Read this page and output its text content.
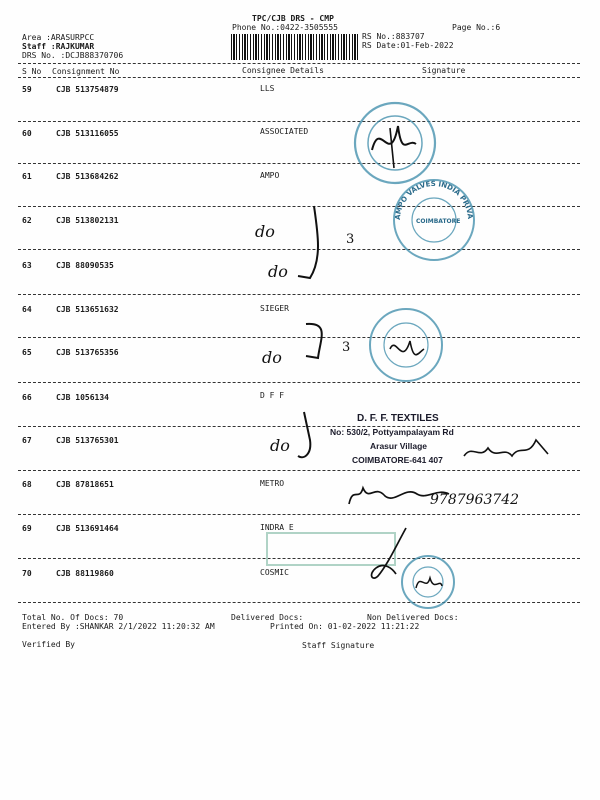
TPC/CJB DRS - CMP
Phone No.:0422-3505555	Page No.:6
RS No.:883707
RS Date:01-Feb-2022
Area :ARASURPCC
Staff :RAJKUMAR
DRS No. :DCJB88370706
S No Consignment No	Consignee Details	Signature
59	CJB 513754879	LLS
60	CJB 513116055	ASSOCIATED
61	CJB 513684262	AMPO
62	CJB 513802131
63	CJB 88090535
64	CJB 513651632	SIEGER
65	CJB 513765356
66	CJB 1056134	D F F
67	CJB 513765301
68	CJB 87818651	METRO
69	CJB 513691464	INDRA E
70	CJB 88119860	COSMIC
AMPO VALVES INDIA PRIVATE LIMITED
COIMBATORE
do
do
3
do
3
do
D. F. F. TEXTILES
No: 530/2, Pottyampalayam Rd
Arasur Village
COIMBATORE-641 407
9787963742
Total No. Of Docs: 70	Delivered Docs:	Non Delivered Docs:
Entered By :SHANKAR 2/1/2022 11:20:32 AM	Printed On: 01-02-2022 11:21:22
Verified By	Staff Signature
